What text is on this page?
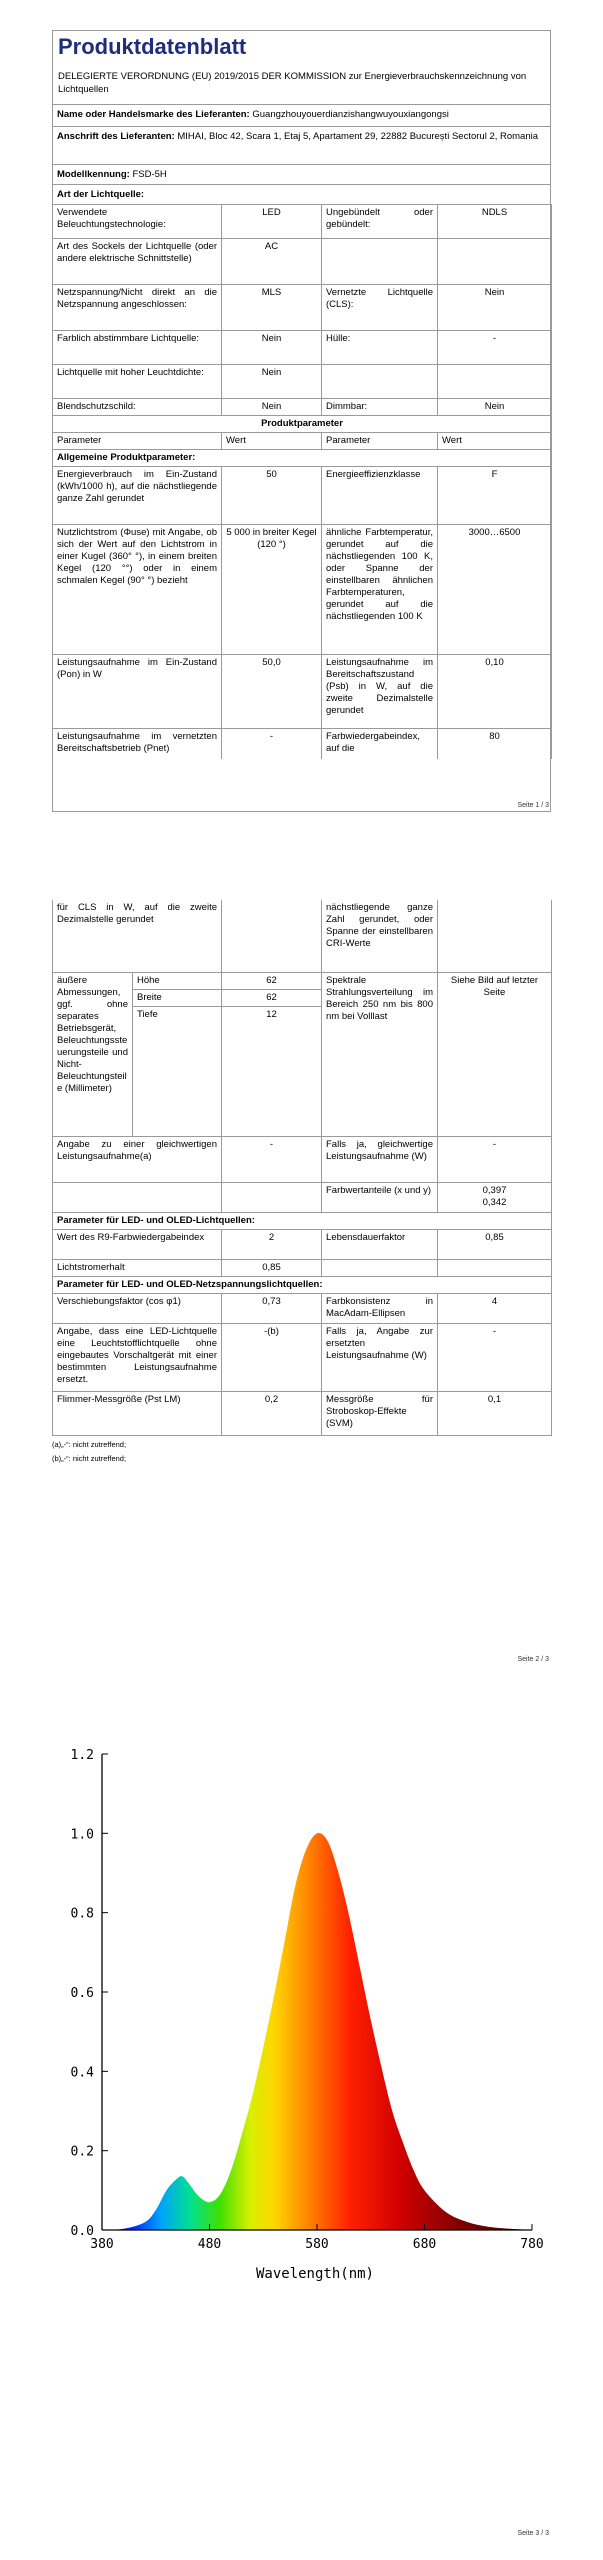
Produktdatenblatt
DELEGIERTE VERORDNUNG (EU) 2019/2015 DER KOMMISSION zur Energieverbrauchskennzeichnung von Lichtquellen
Name oder Handelsmarke des Lieferanten: Guangzhouyouerdianzishangwuyouxiangongsi
Anschrift des Lieferanten: MIHAI, Bloc 42, Scara 1, Etaj 5, Apartament 29, 22882 București Sectorul 2, Romania
Modellkennung: FSD-5H
Art der Lichtquelle:
Verwendete Beleuchtungstechnologie:	LED	Ungebündelt oder gebündelt:	NDLS
Art des Sockels der Lichtquelle (oder andere elektrische Schnittstelle)	AC		
Netzspannung/Nicht direkt an die Netzspannung angeschlossen:	MLS	Vernetzte Lichtquelle (CLS):	Nein
Farblich abstimmbare Lichtquelle:	Nein	Hülle:	-
Lichtquelle mit hoher Leuchtdichte:	Nein		
Blendschutzschild:	Nein	Dimmbar:	Nein
Produktparameter			
Parameter	Wert	Parameter	Wert
Allgemeine Produktparameter:			
Energieverbrauch im Ein-Zustand (kWh/1000 h), auf die nächstliegende ganze Zahl gerundet	50	Energieeffizienzklasse	F
Nutzlichtstrom (Φuse) mit Angabe, ob sich der Wert auf den Lichtstrom in einer Kugel (360° °), in einem breiten Kegel (120 °°) oder in einem schmalen Kegel (90° °) bezieht	5 000 in breiter Kegel (120 °)	ähnliche Farbtemperatur, gerundet auf die nächstliegenden 100 K, oder Spanne der einstellbaren ähnlichen Farbtemperaturen, gerundet auf die nächstliegenden 100 K	3000…6500
Leistungsaufnahme im Ein-Zustand (Pon) in W	50,0	Leistungsaufnahme im Bereitschaftszustand (Psb) in W, auf die zweite Dezimalstelle gerundet	0,10
Leistungsaufnahme im vernetzten Bereitschaftsbetrieb (Pnet)	-	Farbwiedergabeindex, auf die	80
Seite 1 / 3
für CLS in W, auf die zweite Dezimalstelle gerundet			nächstliegende ganze Zahl gerundet, oder Spanne der einstellbaren CRI-Werte	
äußere Abmessungen, ggf. ohne separates Betriebsgerät, Beleuchtungssteuerungsteile und Nicht-Beleuchtungsteile (Millimeter)	Höhe	62	Spektrale Strahlungsverteilung im Bereich 250 nm bis 800 nm bei Volllast	Siehe Bild auf letzter Seite
	Breite	62		
	Tiefe	12		
Angabe zu einer gleichwertigen Leistungsaufnahme(a)		-	Falls ja, gleichwertige Leistungsaufnahme (W)	-
			Farbwertanteile (x und y)	0,397
0,342
Parameter für LED- und OLED-Lichtquellen:				
Wert des R9-Farbwiedergabeindex		2	Lebensdauerfaktor	0,85
Lichtstromerhalt		0,85		
Parameter für LED- und OLED-Netzspannungslichtquellen:				
Verschiebungsfaktor (cos φ1)		0,73	Farbkonsistenz in MacAdam-Ellipsen	4
Angabe, dass eine LED-Lichtquelle eine Leuchtstofflichtquelle ohne eingebautes Vorschaltgerät mit einer bestimmten Leistungsaufnahme ersetzt.		-(b)	Falls ja, Angabe zur ersetzten Leistungsaufnahme (W)	-
Flimmer-Messgröße (Pst LM)		0,2	Messgröße für Stroboskop-Effekte (SVM)	0,1
(a)„-“: nicht zutreffend;
(b)„-“: nicht zutreffend;
Seite 2 / 3
0.0
0.2
0.4
0.6
0.8
1.0
1.2
380	480	580	680	780
Wavelength(nm)
Seite 3 / 3
